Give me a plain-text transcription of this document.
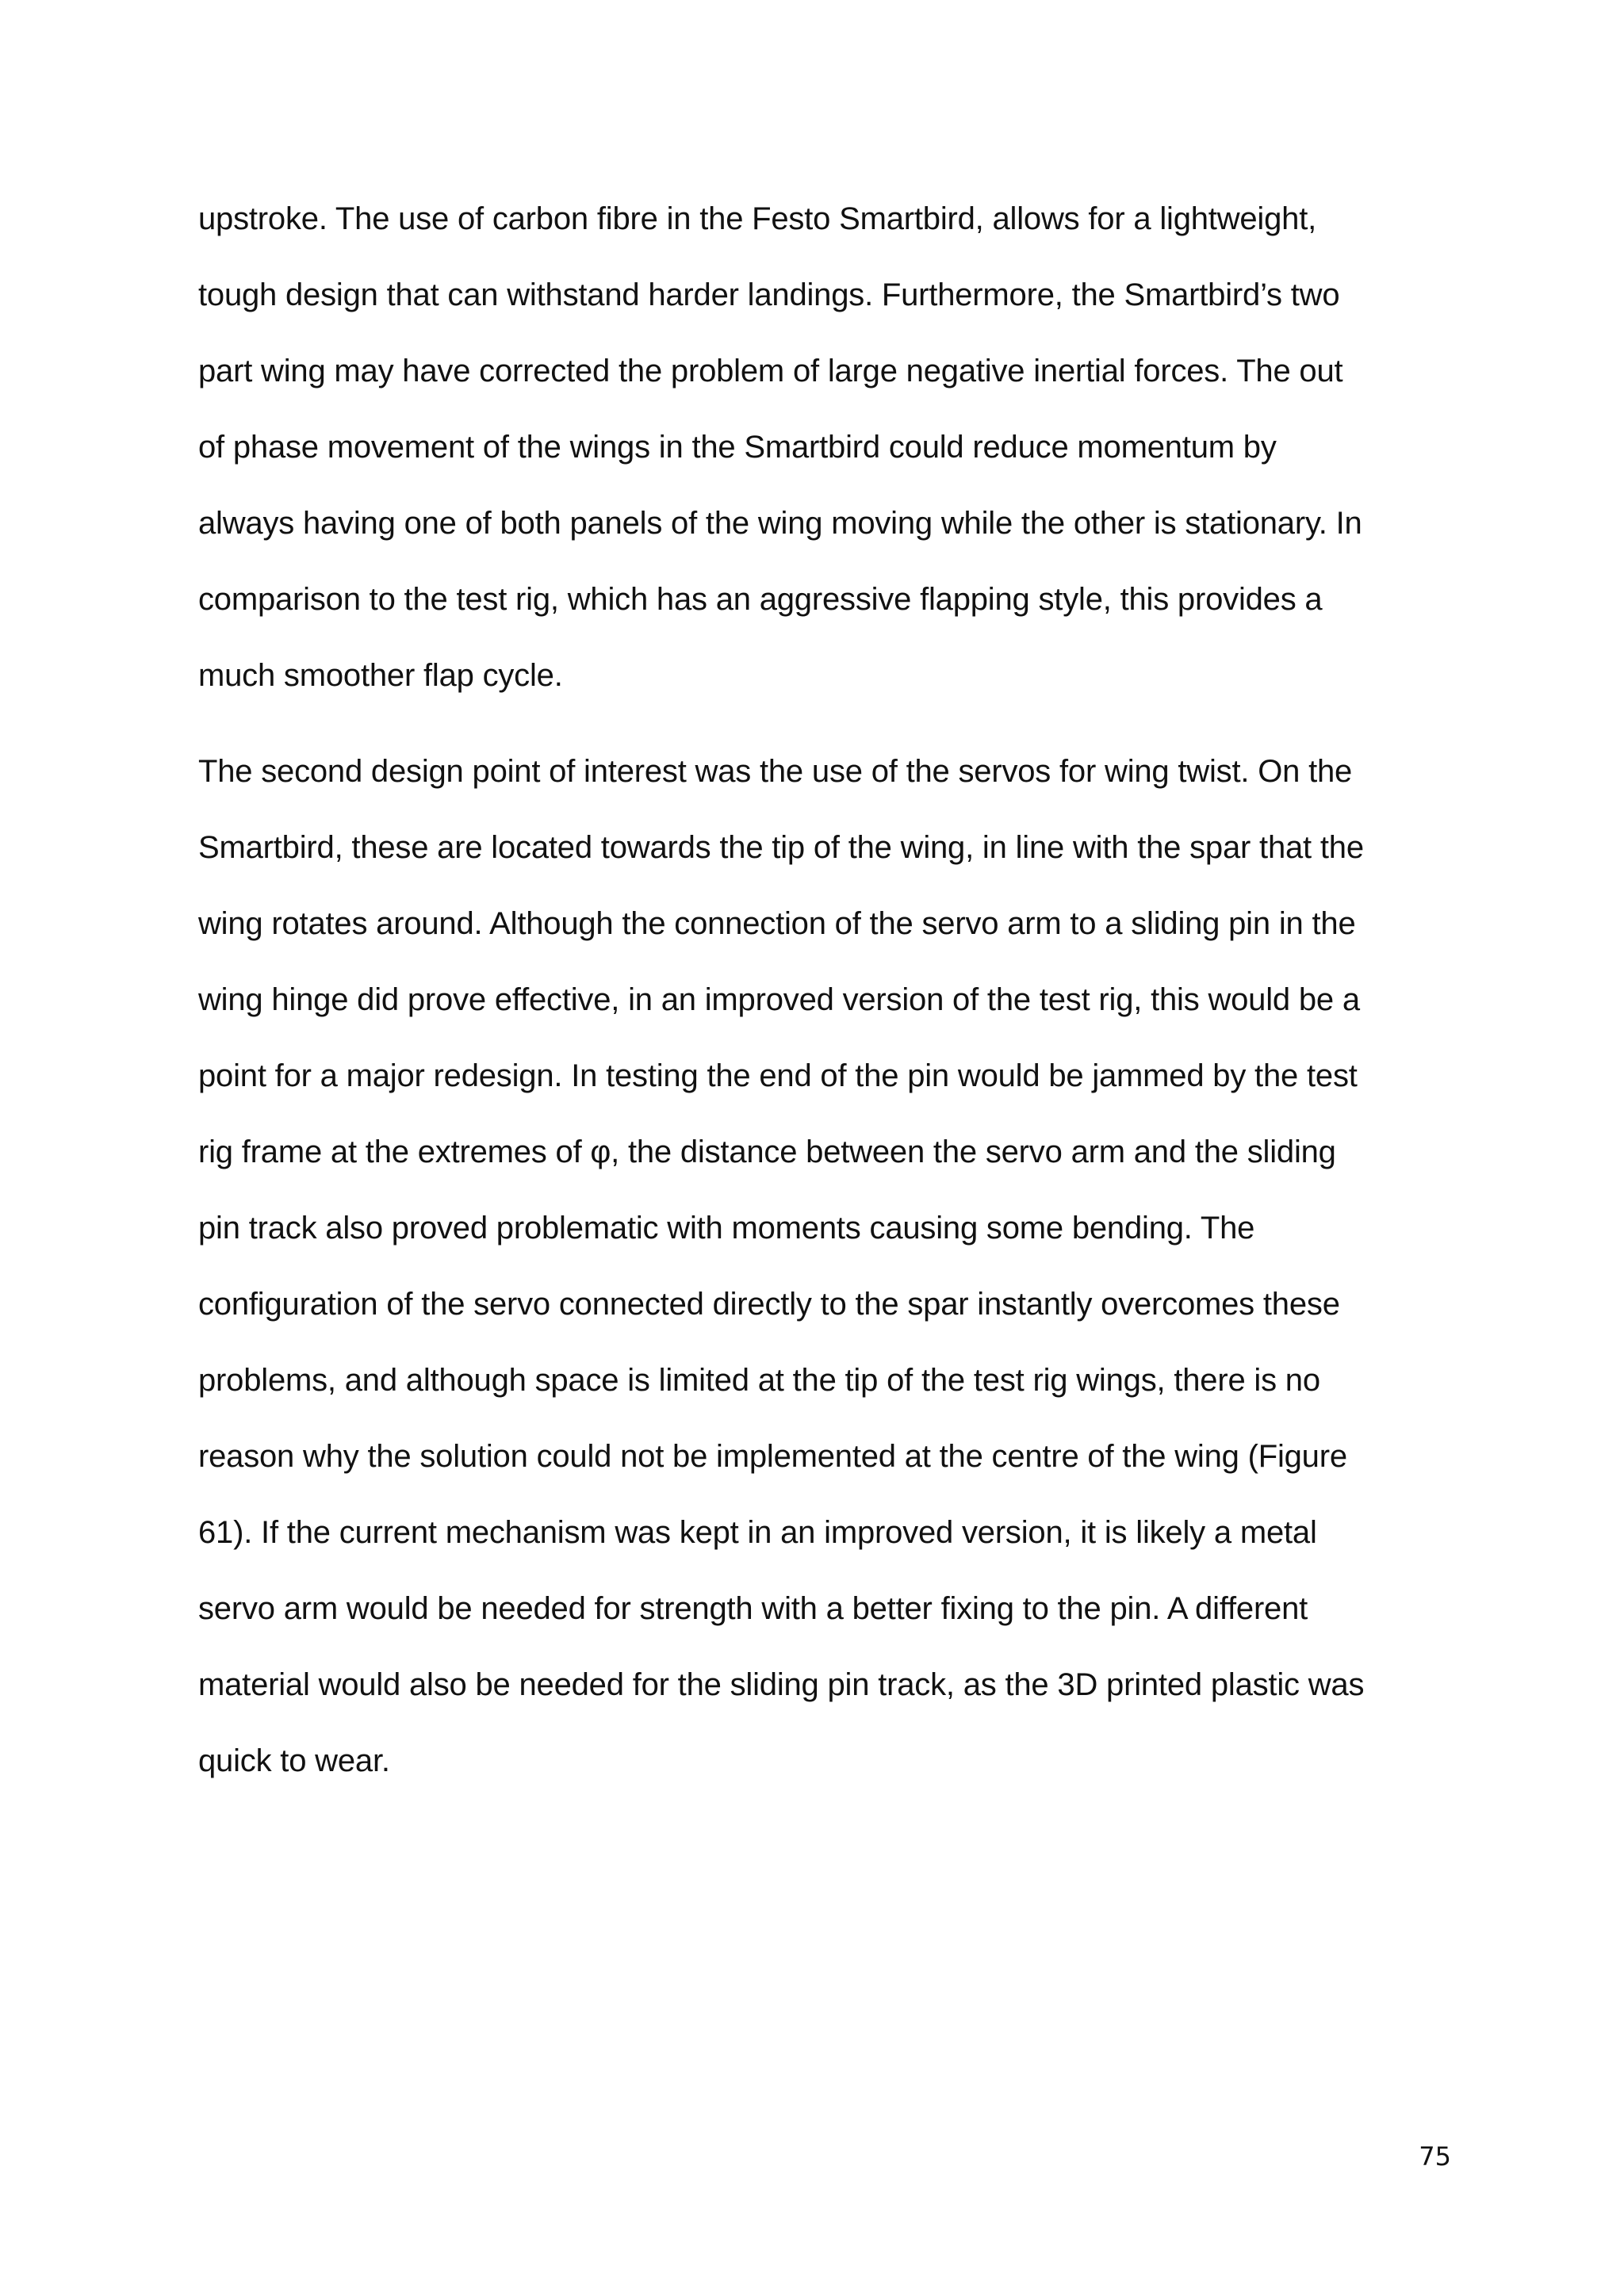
upstroke. The use of carbon fibre in the Festo Smartbird, allows for a lightweight,
tough design that can withstand harder landings. Furthermore, the Smartbird’s two
part wing may have corrected the problem of large negative inertial forces. The out
of phase movement of the wings in the Smartbird could reduce momentum by
always having one of both panels of the wing moving while the other is stationary. In
comparison to the test rig, which has an aggressive flapping style, this provides a
much smoother flap cycle.
The second design point of interest was the use of the servos for wing twist. On the
Smartbird, these are located towards the tip of the wing, in line with the spar that the
wing rotates around. Although the connection of the servo arm to a sliding pin in the
wing hinge did prove effective, in an improved version of the test rig, this would be a
point for a major redesign. In testing the end of the pin would be jammed by the test
rig frame at the extremes of φ, the distance between the servo arm and the sliding
pin track also proved problematic with moments causing some bending. The
configuration of the servo connected directly to the spar instantly overcomes these
problems, and although space is limited at the tip of the test rig wings, there is no
reason why the solution could not be implemented at the centre of the wing (Figure
61). If the current mechanism was kept in an improved version, it is likely a metal
servo arm would be needed for strength with a better fixing to the pin. A different
material would also be needed for the sliding pin track, as the 3D printed plastic was
quick to wear.
75
